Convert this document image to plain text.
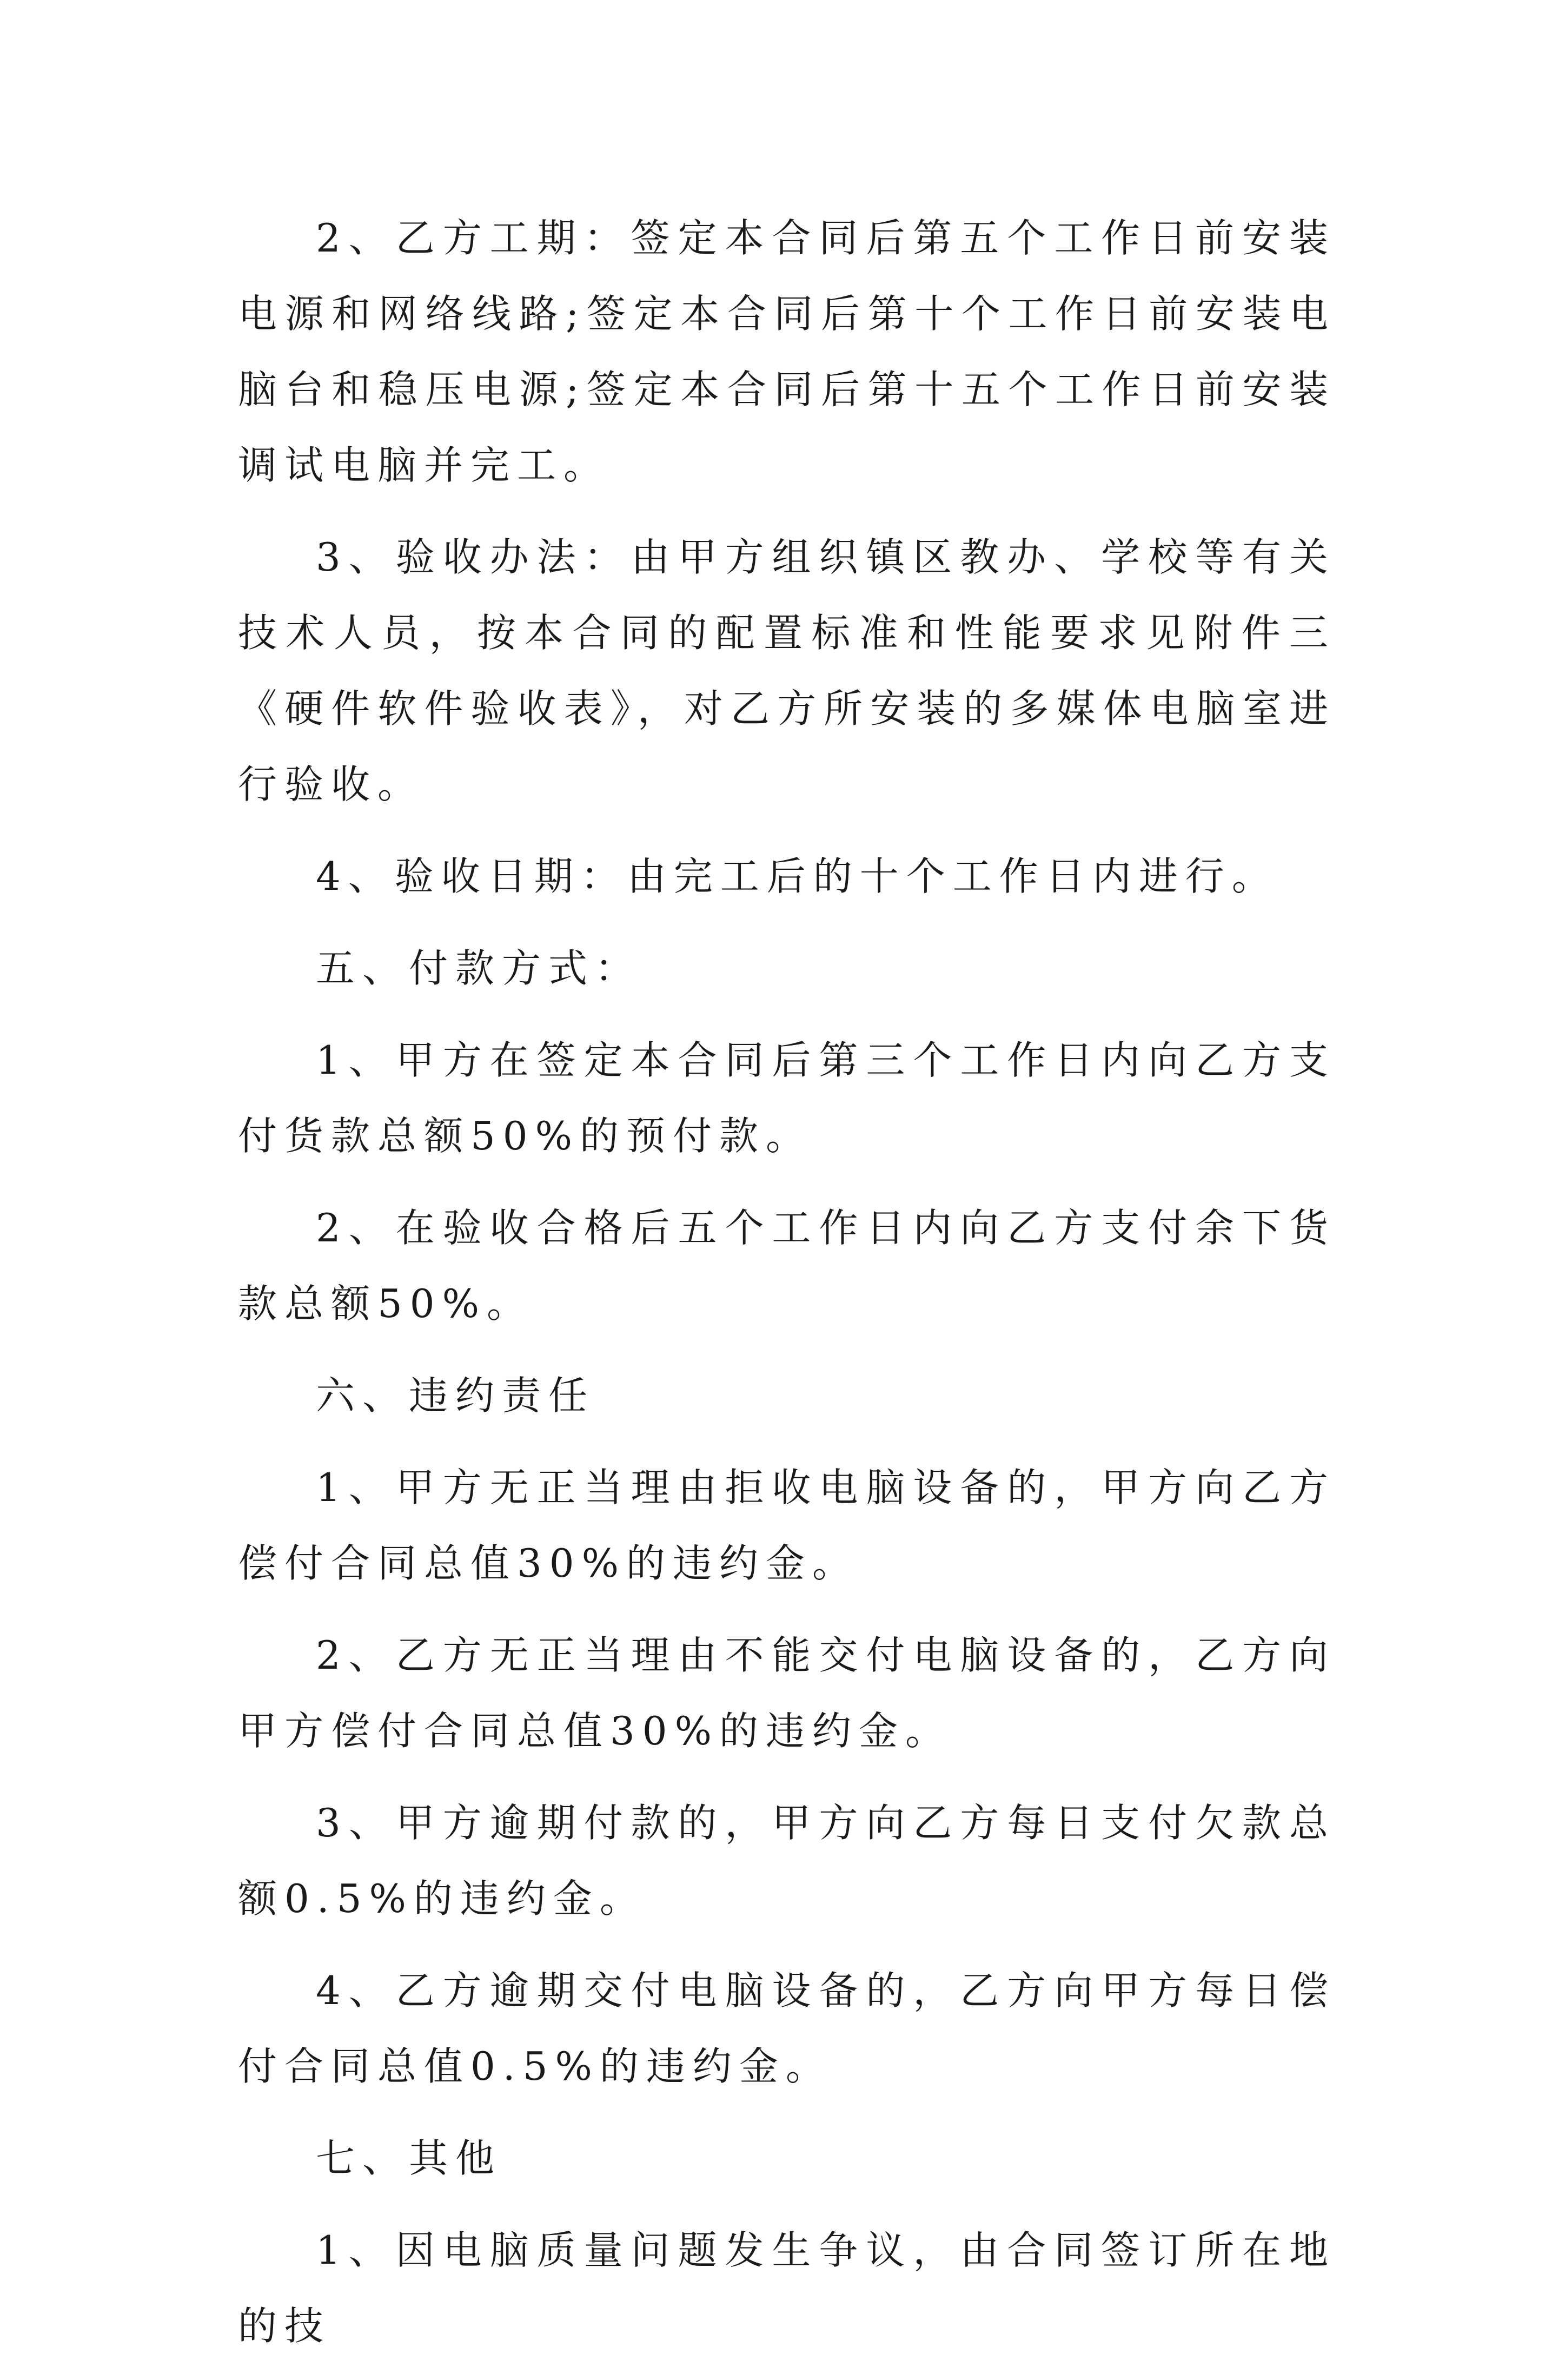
2、乙方工期：签定本合同后第五个工作日前安装电源和网络线路;签定本合同后第十个工作日前安装电脑台和稳压电源;签定本合同后第十五个工作日前安装调试电脑并完工。

3、验收办法：由甲方组织镇区教办、学校等有关技术人员，按本合同的配置标准和性能要求见附件三《硬件软件验收表》，对乙方所安装的多媒体电脑室进行验收。

4、验收日期：由完工后的十个工作日内进行。

五、付款方式：

1、甲方在签定本合同后第三个工作日内向乙方支付货款总额50%的预付款。

2、在验收合格后五个工作日内向乙方支付余下货款总额50%。

六、违约责任

1、甲方无正当理由拒收电脑设备的，甲方向乙方偿付合同总值30%的违约金。

2、乙方无正当理由不能交付电脑设备的，乙方向甲方偿付合同总值30%的违约金。

3、甲方逾期付款的，甲方向乙方每日支付欠款总额0.5%的违约金。

4、乙方逾期交付电脑设备的，乙方向甲方每日偿付合同总值0.5%的违约金。

七、其他

1、因电脑质量问题发生争议，由合同签订所在地的技
